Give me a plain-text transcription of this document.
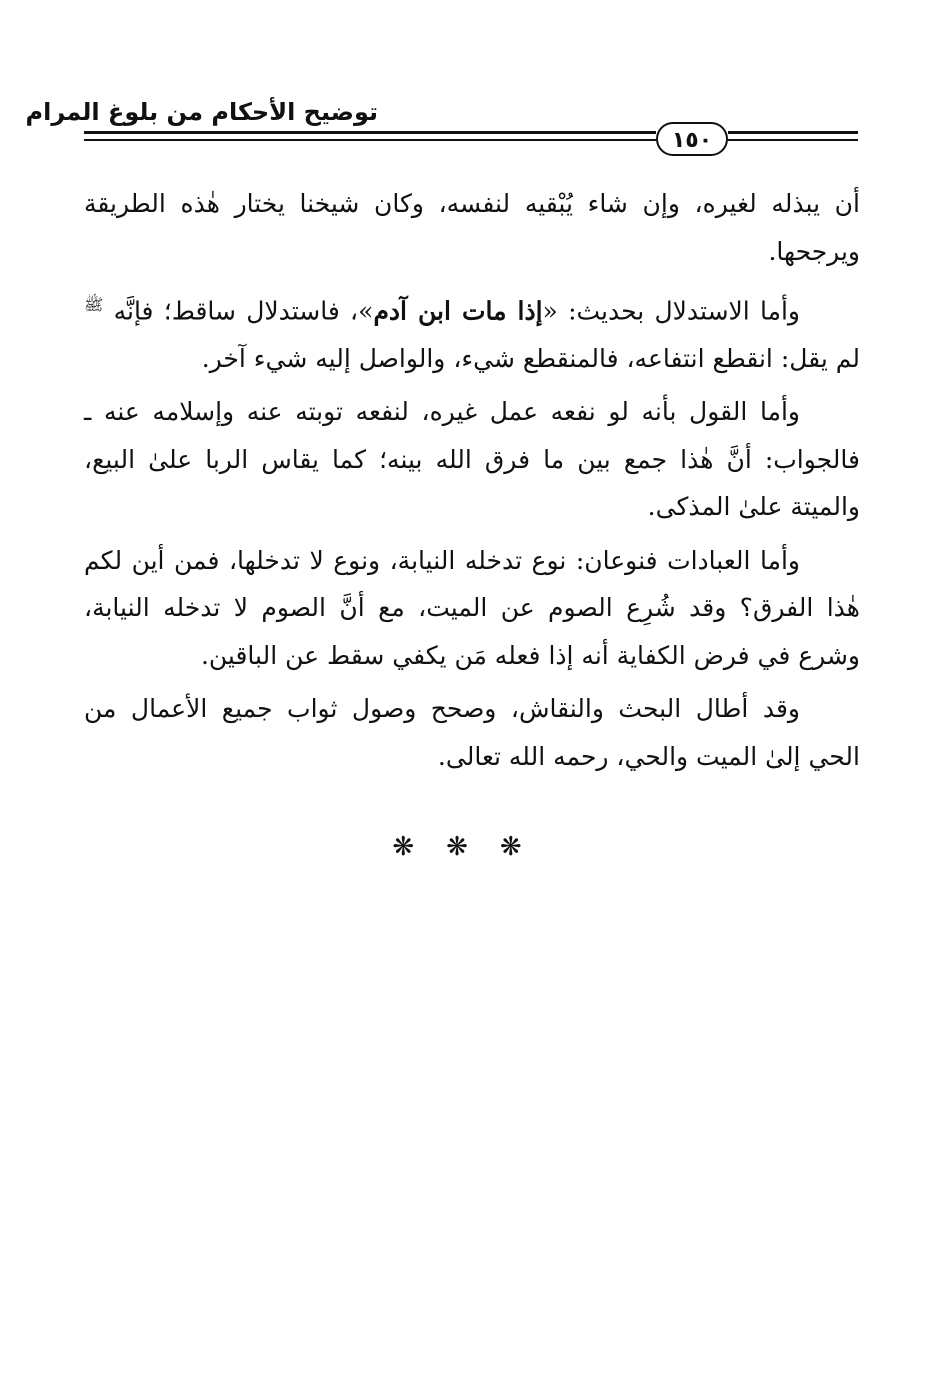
توضيح الأحكام من بلوغ المرام
١٥٠

أن يبذله لغيره، وإن شاء يُبْقيه لنفسه، وكان شيخنا يختار هٰذه الطريقة ويرجحها.

وأما الاستدلال بحديث: «إذا مات ابن آدم»، فاستدلال ساقط؛ فإنَّه $^ﷺ$ لم يقل: انقطع انتفاعه، فالمنقطع شيء، والواصل إليه شيء آخر.

وأما القول بأنه لو نفعه عمل غيره، لنفعه توبته عنه وإسلامه عنه ـ فالجواب: أنَّ هٰذا جمع بين ما فرق الله بينه؛ كما يقاس الربا علىٰ البيع، والميتة علىٰ المذكى.

وأما العبادات فنوعان: نوع تدخله النيابة، ونوع لا تدخلها، فمن أين لكم هٰذا الفرق؟ وقد شُرِع الصوم عن الميت، مع أنَّ الصوم لا تدخله النيابة، وشرع في فرض الكفاية أنه إذا فعله مَن يكفي سقط عن الباقين.

وقد أطال البحث والنقاش، وصحح وصول ثواب جميع الأعمال من الحي إلىٰ الميت والحي، رحمه الله تعالى.

❋❋❋
